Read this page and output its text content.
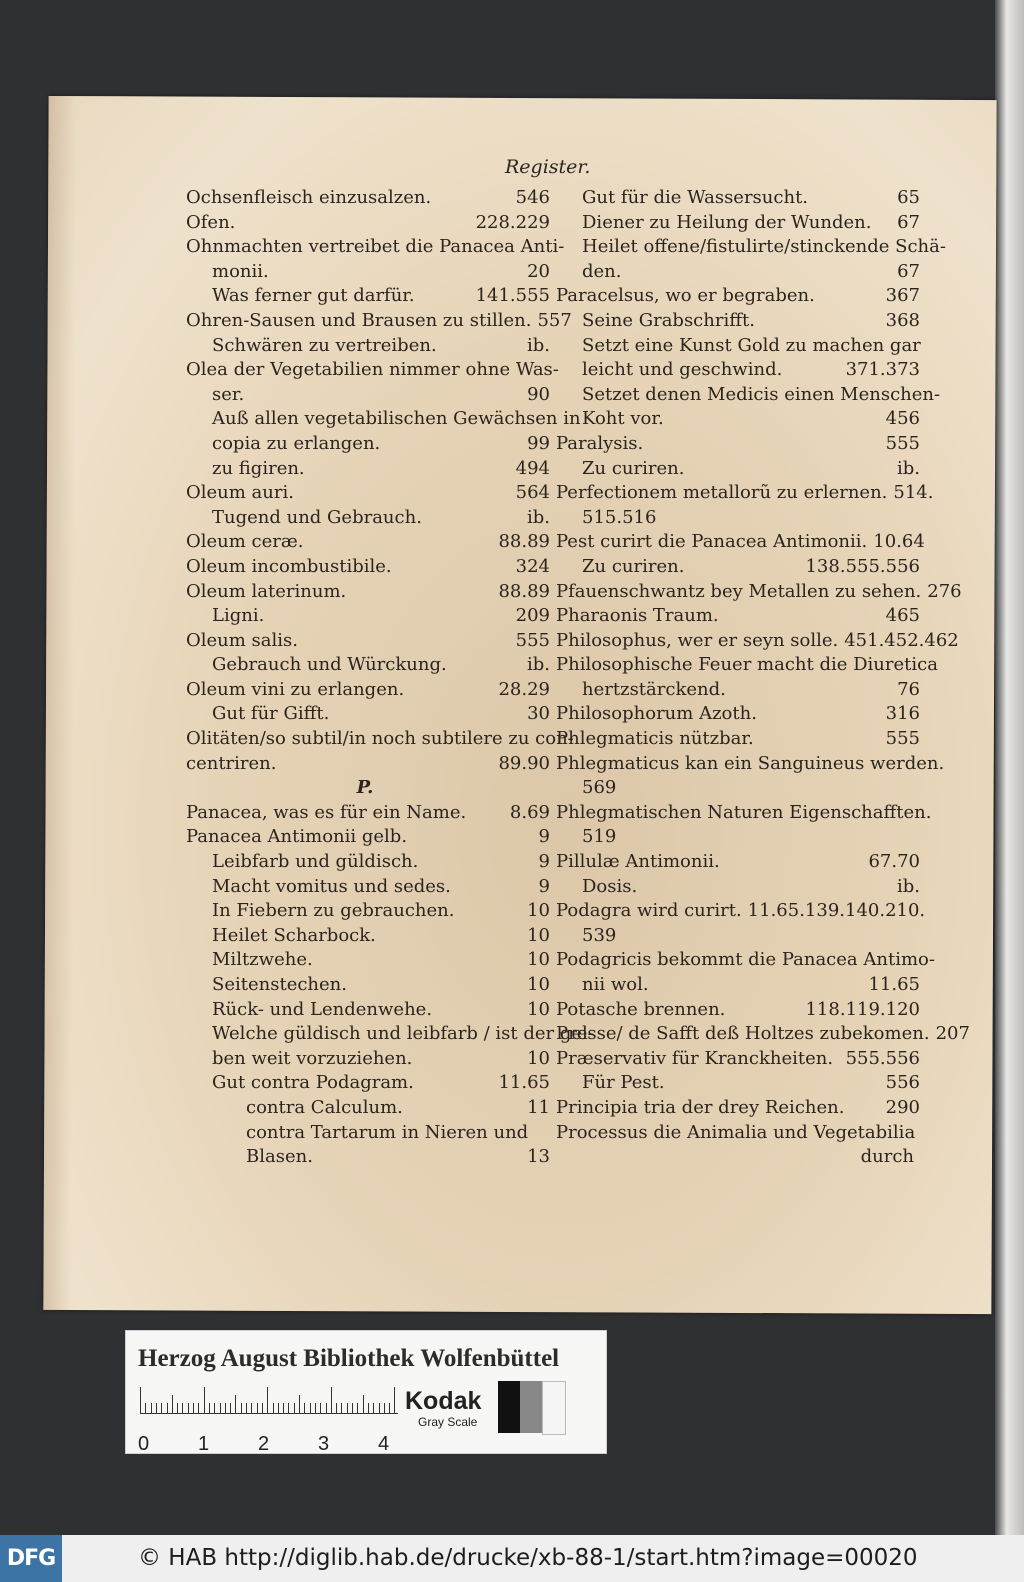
Register.
Ochsenfleisch einzusalzen.	546
Ofen.	228.229
Ohnmachten vertreibet die Panacea Anti-
monii.	20
Was ferner gut darfür.	141.555
Ohren-Sausen und Brausen zu stillen. 557
Schwären zu vertreiben.	ib.
Olea der Vegetabilien nimmer ohne Was-
ser.	90
Auß allen vegetabilischen Gewächsen in
copia zu erlangen.	99
zu figiren.	494
Oleum auri.	564
Tugend und Gebrauch.	ib.
Oleum ceræ.	88.89
Oleum incombustibile.	324
Oleum laterinum.	88.89
Ligni.	209
Oleum salis.	555
Gebrauch und Würckung.	ib.
Oleum vini zu erlangen.	28.29
Gut für Gifft.	30
Olitäten/so subtil/in noch subtilere zu con-
centriren.	89.90
P.
Panacea, was es für ein Name.	8.69
Panacea Antimonii gelb.	9
Leibfarb und güldisch.	9
Macht vomitus und sedes.	9
In Fiebern zu gebrauchen.	10
Heilet Scharbock.	10
Miltzwehe.	10
Seitenstechen.	10
Rück- und Lendenwehe.	10
Welche güldisch und leibfarb / ist der gel-
ben weit vorzuziehen.	10
Gut contra Podagram.	11.65
contra Calculum.	11
contra Tartarum in Nieren und
Blasen.	13
Gut für die Wassersucht.	65
Diener zu Heilung der Wunden.	67
Heilet offene/fistulirte/stinckende Schä-
den.	67
Paracelsus, wo er begraben.	367
Seine Grabschrifft.	368
Setzt eine Kunst Gold zu machen gar
leicht und geschwind.	371.373
Setzet denen Medicis einen Menschen-
Koht vor.	456
Paralysis.	555
Zu curiren.	ib.
Perfectionem metallorũ zu erlernen. 514.
515.516
Pest curirt die Panacea Antimonii. 10.64
Zu curiren.	138.555.556
Pfauenschwantz bey Metallen zu sehen. 276
Pharaonis Traum.	465
Philosophus, wer er seyn solle. 451.452.462
Philosophische Feuer macht die Diuretica
hertzstärckend.	76
Philosophorum Azoth.	316
Phlegmaticis nützbar.	555
Phlegmaticus kan ein Sanguineus werden.
569
Phlegmatischen Naturen Eigenschafften.
519
Pillulæ Antimonii.	67.70
Dosis.	ib.
Podagra wird curirt. 11.65.139.140.210.
539
Podagricis bekommt die Panacea Antimo-
nii wol.	11.65
Potasche brennen.	118.119.120
Presse/ de Safft deß Holtzes zubekomen. 207
Præservativ für Kranckheiten. 555.556
Für Pest.	556
Principia tria der drey Reichen.	290
Processus die Animalia und Vegetabilia
durch
Herzog August Bibliothek Wolfenbüttel
0 1 2 3 4
Kodak
Gray Scale
DFG	© HAB http://diglib.hab.de/drucke/xb-88-1/start.htm?image=00020
